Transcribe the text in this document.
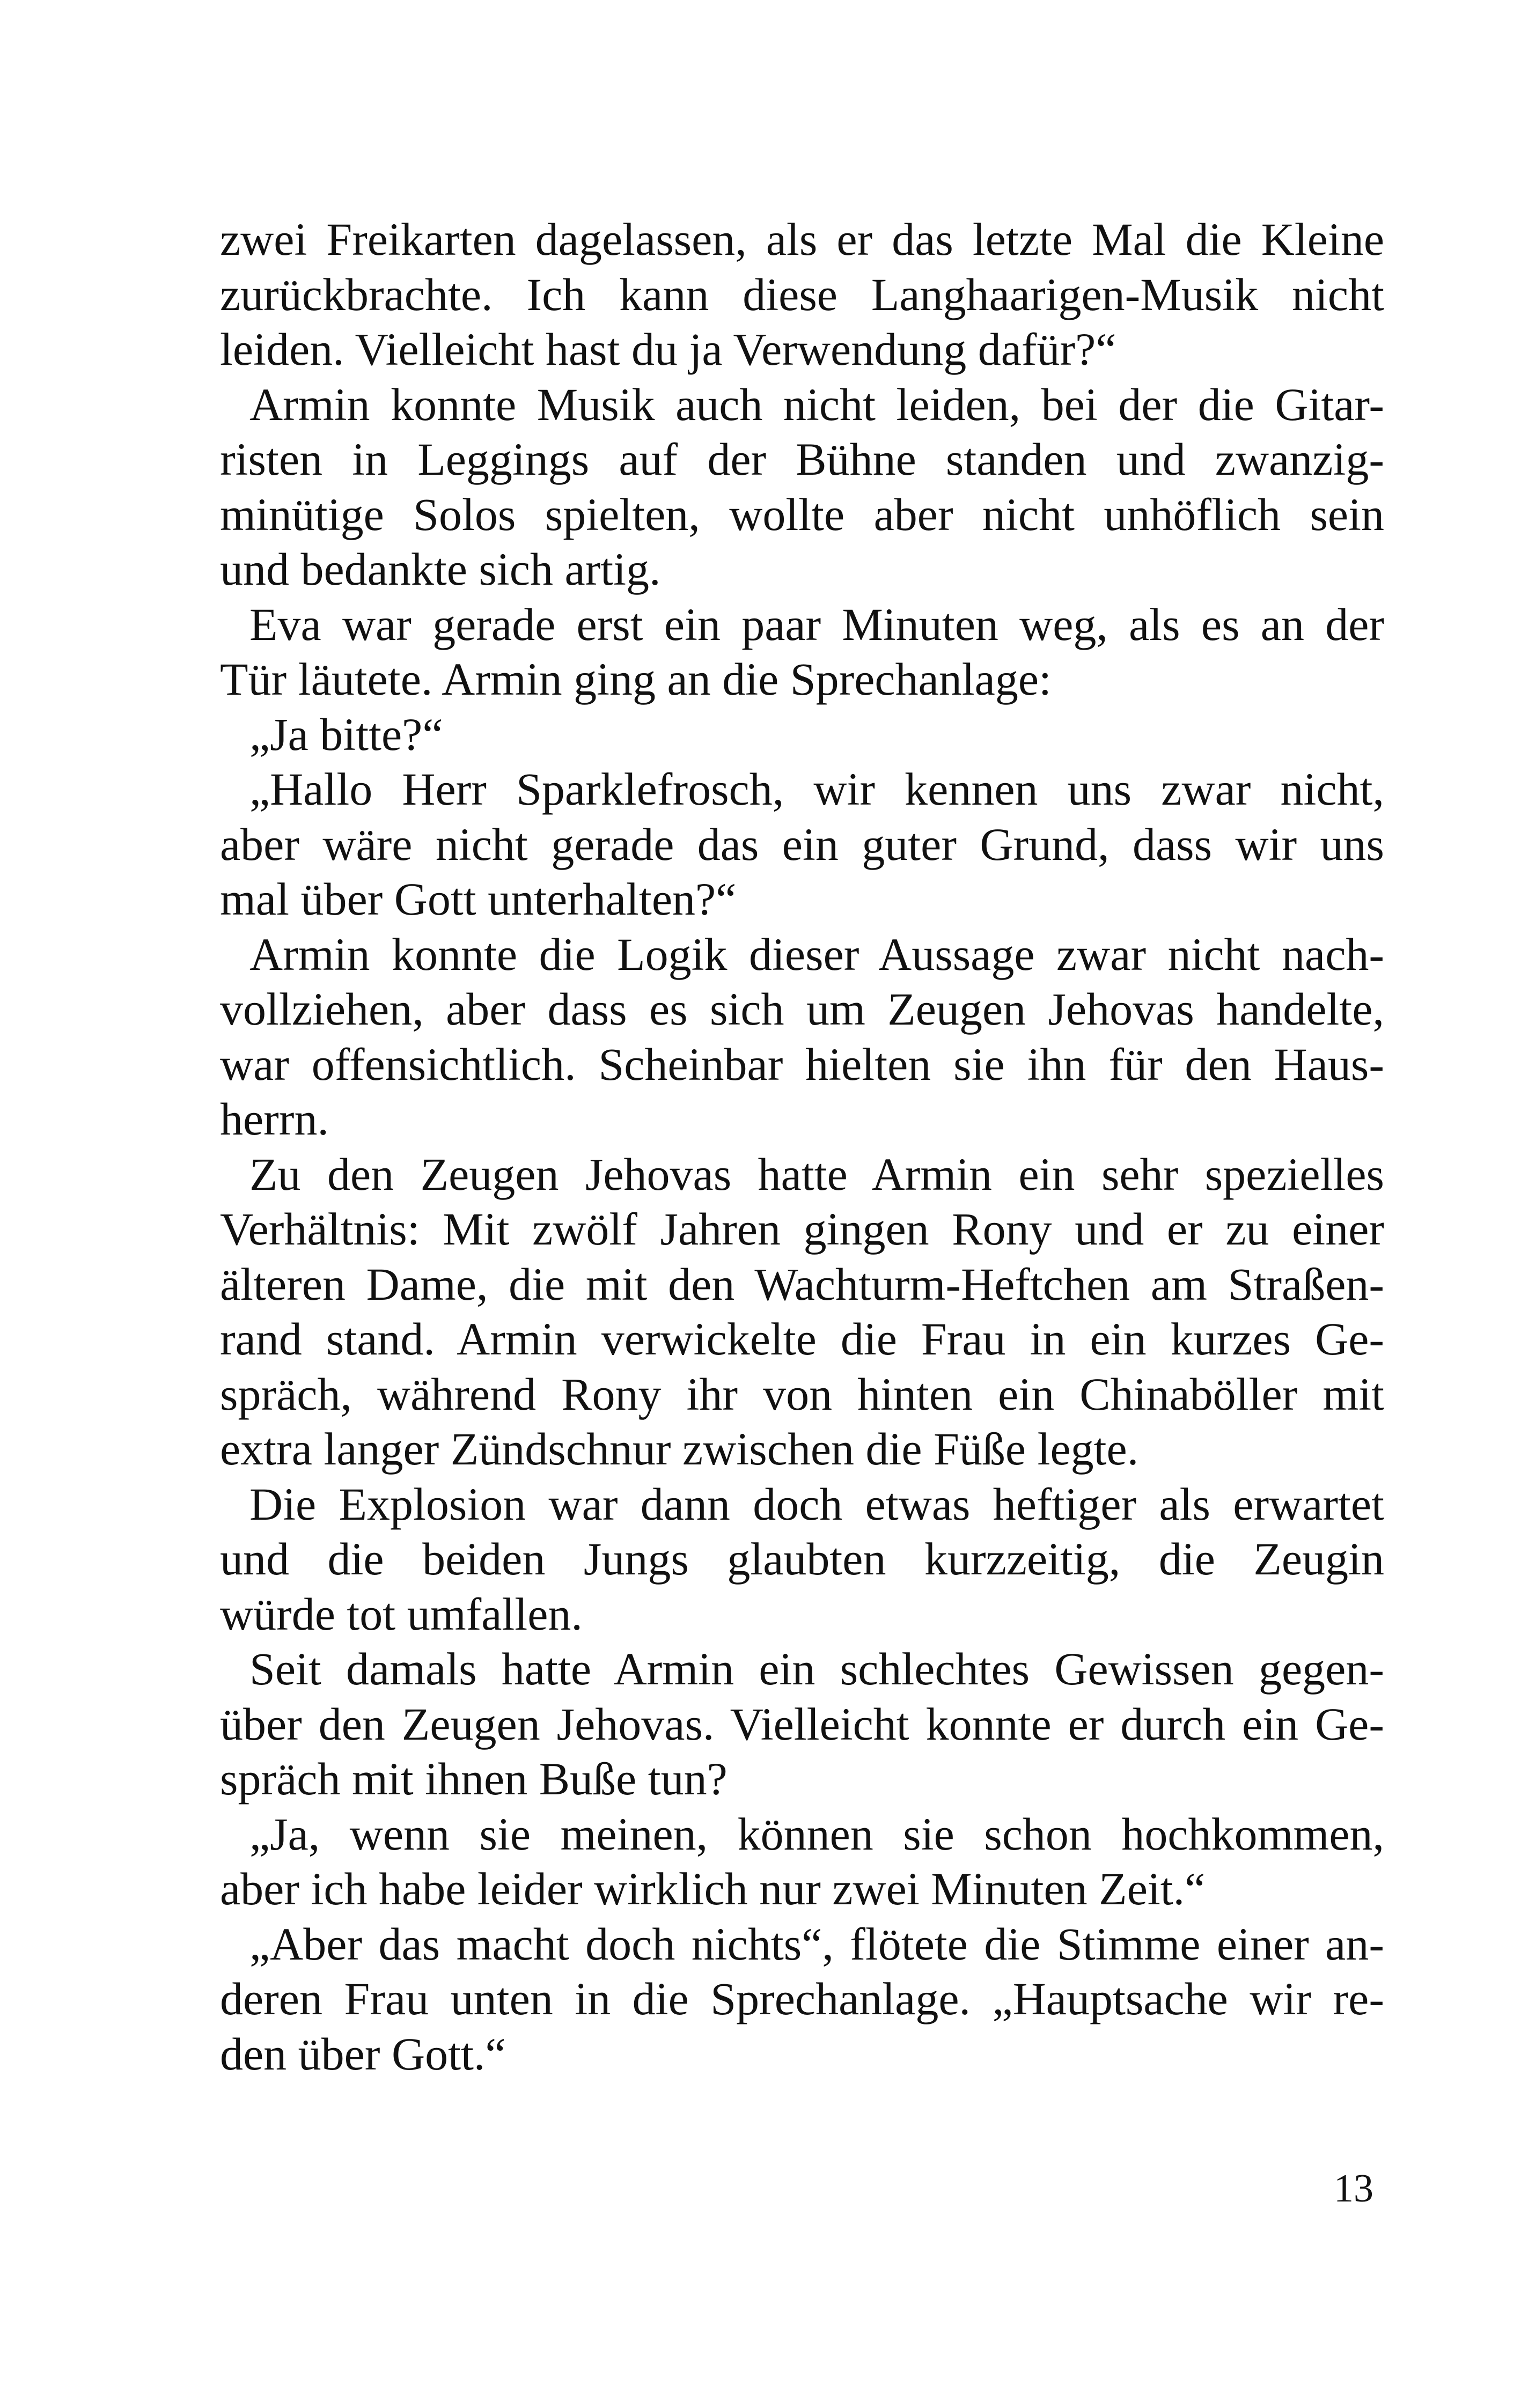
zwei Freikarten dagelassen, als er das letzte Mal die Kleine
zurückbrachte. Ich kann diese Langhaarigen-Musik nicht
leiden. Vielleicht hast du ja Verwendung dafür?“
Armin konnte Musik auch nicht leiden, bei der die Gitar-
risten in Leggings auf der Bühne standen und zwanzig-
minütige Solos spielten, wollte aber nicht unhöflich sein
und bedankte sich artig.
Eva war gerade erst ein paar Minuten weg, als es an der
Tür läutete. Armin ging an die Sprechanlage:
„Ja bitte?“
„Hallo Herr Sparklefrosch, wir kennen uns zwar nicht,
aber wäre nicht gerade das ein guter Grund, dass wir uns
mal über Gott unterhalten?“
Armin konnte die Logik dieser Aussage zwar nicht nach-
vollziehen, aber dass es sich um Zeugen Jehovas handelte,
war offensichtlich. Scheinbar hielten sie ihn für den Haus-
herrn.
Zu den Zeugen Jehovas hatte Armin ein sehr spezielles
Verhältnis: Mit zwölf Jahren gingen Rony und er zu einer
älteren Dame, die mit den Wachturm-Heftchen am Straßen-
rand stand. Armin verwickelte die Frau in ein kurzes Ge-
spräch, während Rony ihr von hinten ein Chinaböller mit
extra langer Zündschnur zwischen die Füße legte.
Die Explosion war dann doch etwas heftiger als erwartet
und die beiden Jungs glaubten kurzzeitig, die Zeugin
würde tot umfallen.
Seit damals hatte Armin ein schlechtes Gewissen gegen-
über den Zeugen Jehovas. Vielleicht konnte er durch ein Ge-
spräch mit ihnen Buße tun?
„Ja, wenn sie meinen, können sie schon hochkommen,
aber ich habe leider wirklich nur zwei Minuten Zeit.“
„Aber das macht doch nichts“, flötete die Stimme einer an-
deren Frau unten in die Sprechanlage. „Hauptsache wir re-
den über Gott.“
13
